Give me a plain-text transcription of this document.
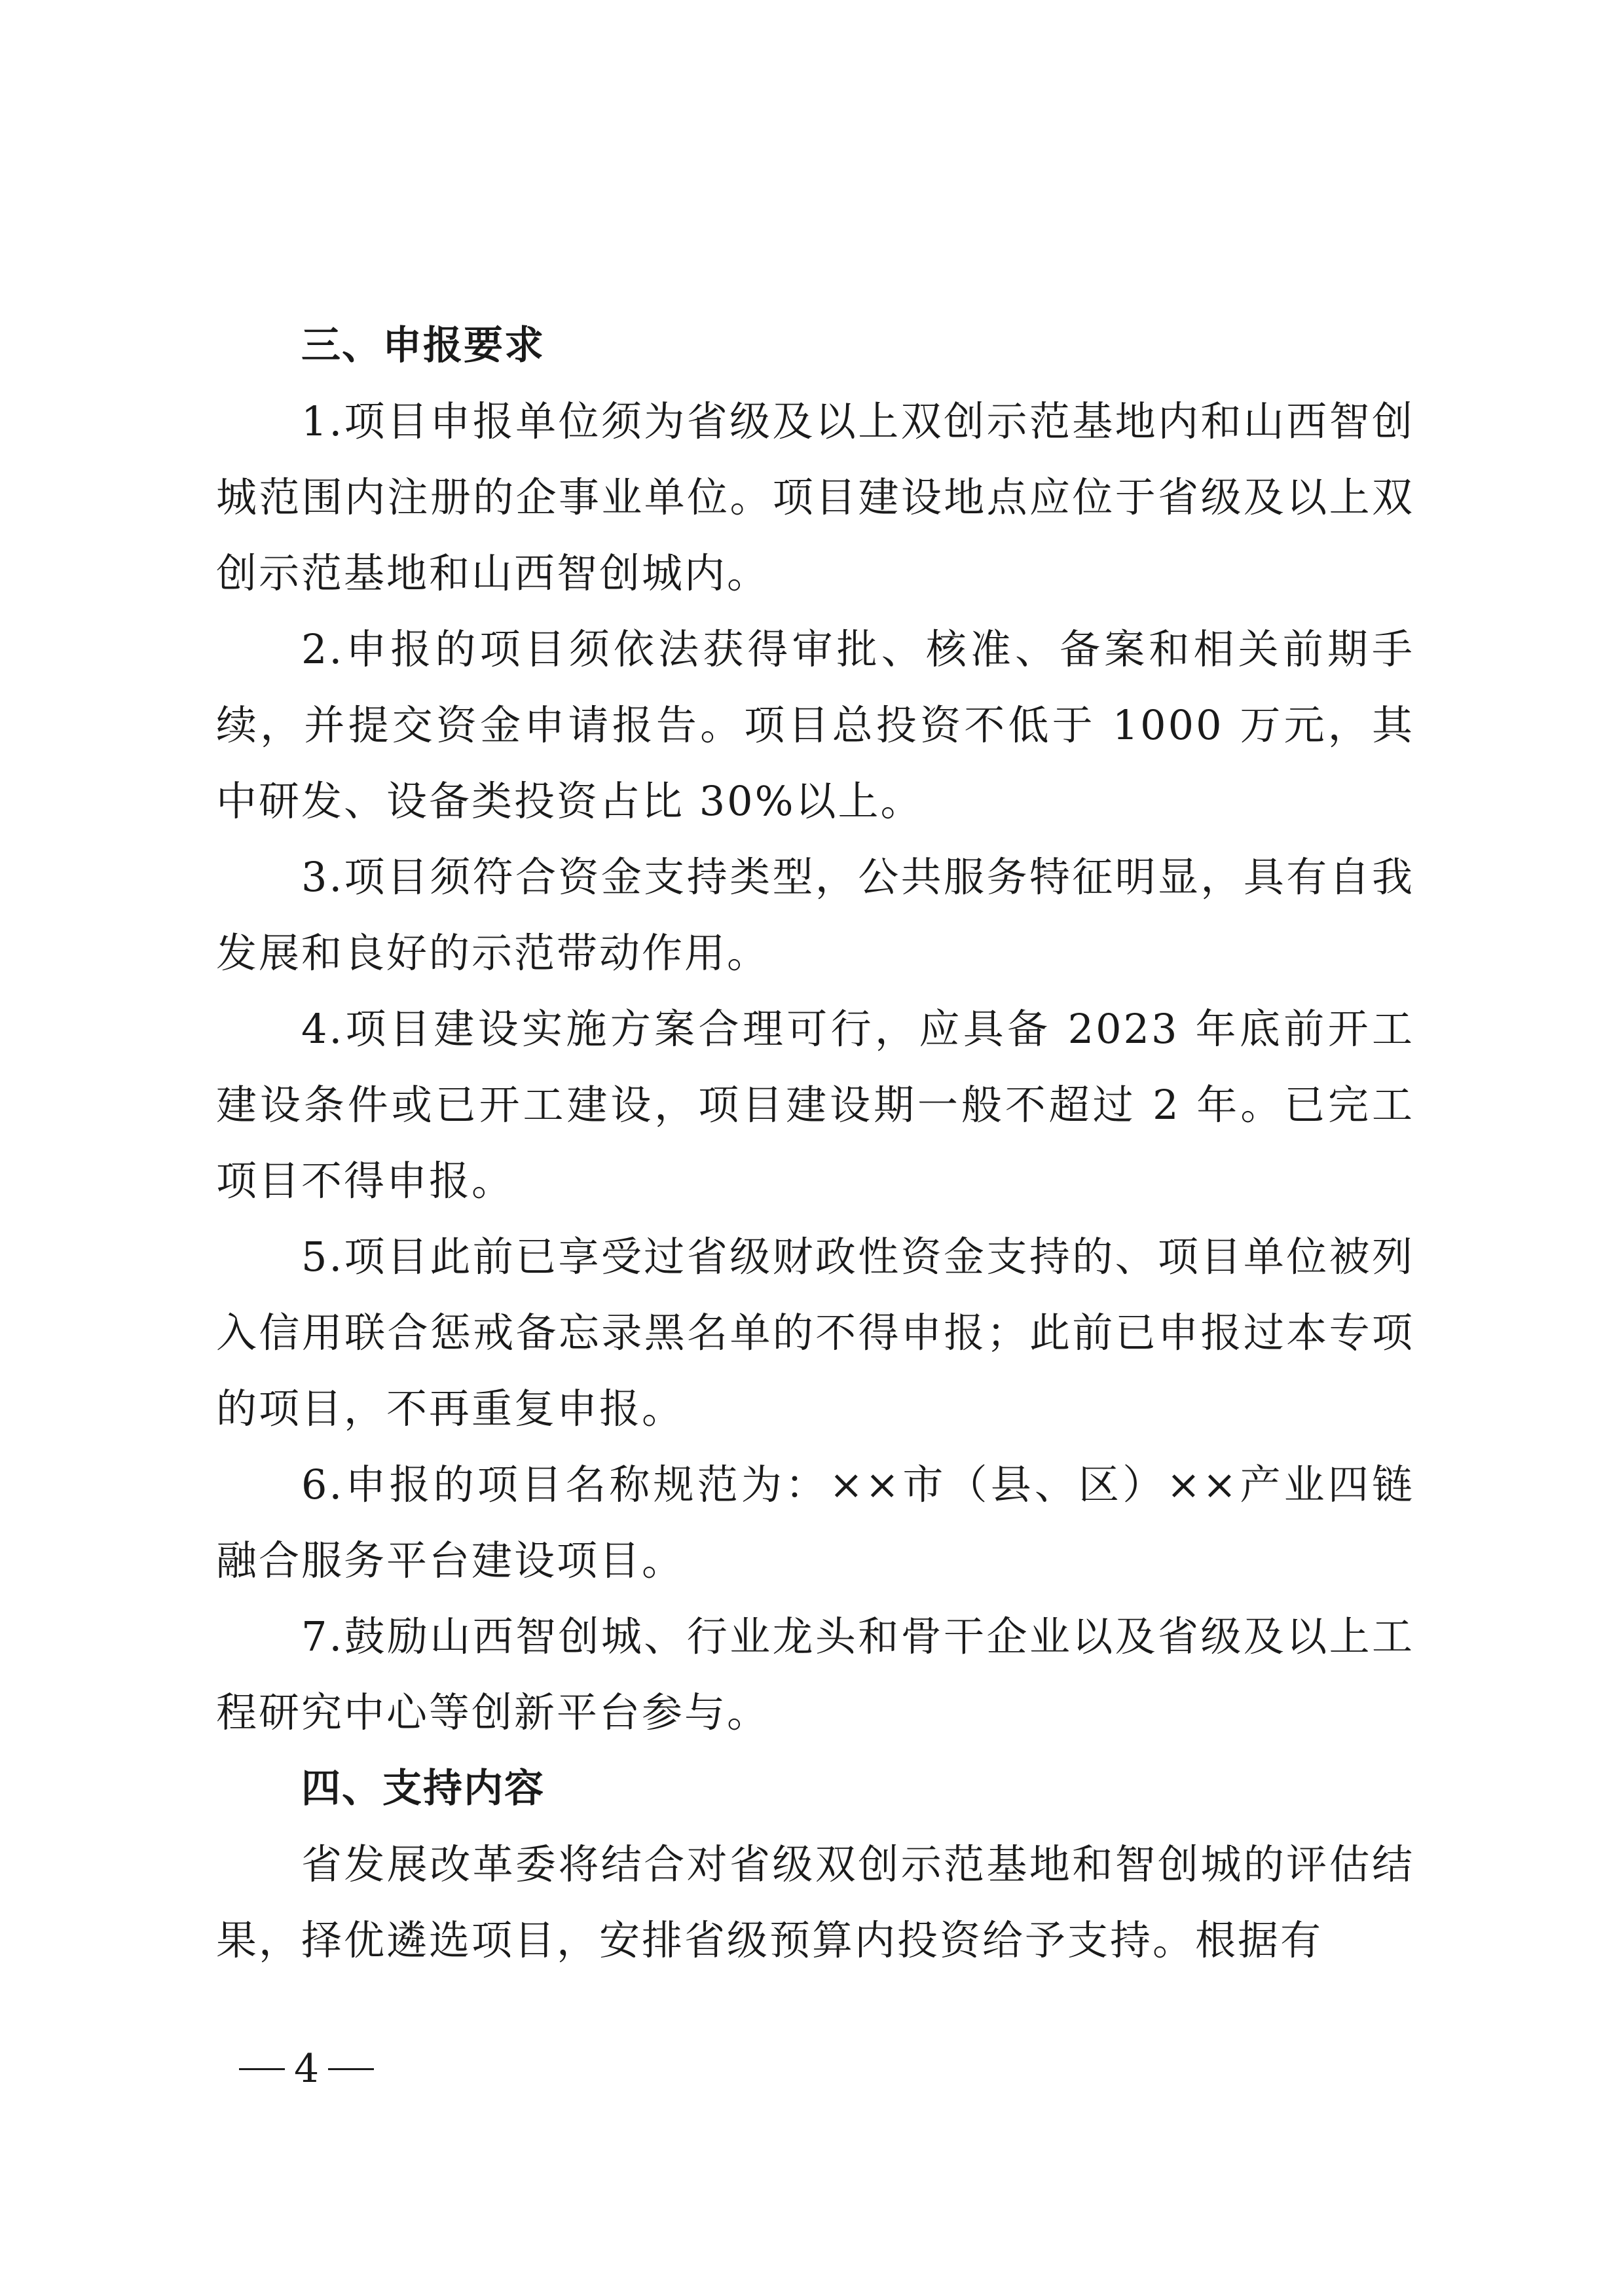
三、申报要求

1.项目申报单位须为省级及以上双创示范基地内和山西智创城范围内注册的企事业单位。项目建设地点应位于省级及以上双创示范基地和山西智创城内。

2.申报的项目须依法获得审批、核准、备案和相关前期手续，并提交资金申请报告。项目总投资不低于 1000 万元，其中研发、设备类投资占比 30%以上。

3.项目须符合资金支持类型，公共服务特征明显，具有自我发展和良好的示范带动作用。

4.项目建设实施方案合理可行，应具备 2023 年底前开工建设条件或已开工建设，项目建设期一般不超过 2 年。已完工项目不得申报。

5.项目此前已享受过省级财政性资金支持的、项目单位被列入信用联合惩戒备忘录黑名单的不得申报；此前已申报过本专项的项目，不再重复申报。

6.申报的项目名称规范为：××市（县、区）××产业四链融合服务平台建设项目。

7.鼓励山西智创城、行业龙头和骨干企业以及省级及以上工程研究中心等创新平台参与。

四、支持内容

省发展改革委将结合对省级双创示范基地和智创城的评估结果，择优遴选项目，安排省级预算内投资给予支持。根据有

4
